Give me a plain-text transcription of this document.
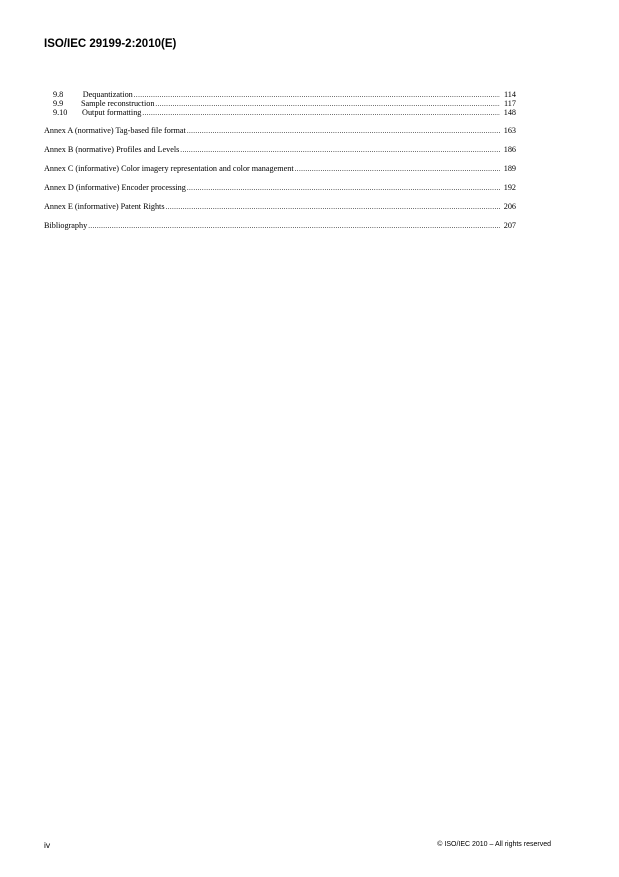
ISO/IEC 29199-2:2010(E)
9.8	Dequantization .....	114
9.9	Sample reconstruction .....	117
9.10	Output formatting .....	148
Annex A (normative) Tag-based file format .....	163
Annex B (normative) Profiles and Levels .....	186
Annex C (informative) Color imagery representation and color management .....	189
Annex D (informative) Encoder processing .....	192
Annex E (informative) Patent Rights .....	206
Bibliography .....	207
iv	© ISO/IEC 2010 – All rights reserved
